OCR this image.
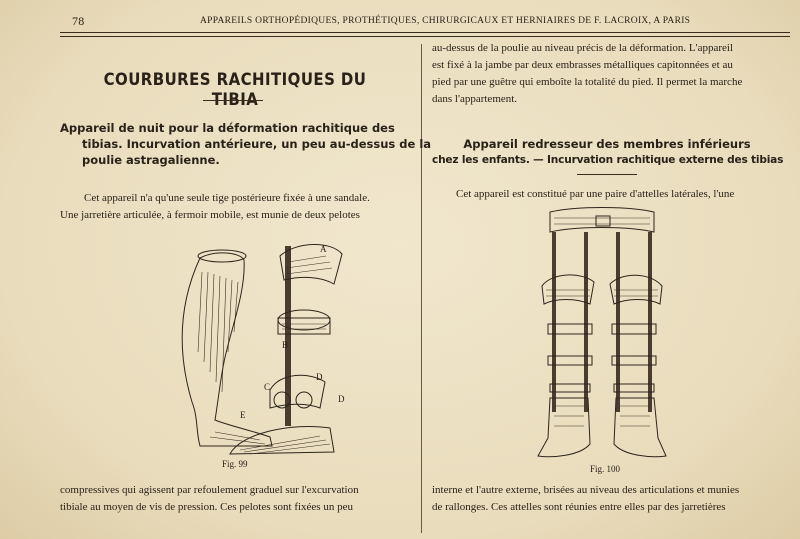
78	APPAREILS ORTHOPÉDIQUES, PROTHÉTIQUES, CHIRURGICAUX ET HERNIAIRES DE F. LACROIX, A PARIS
COURBURES RACHITIQUES DU TIBIA
Appareil de nuit pour la déformation rachitique des
tibias. Incurvation antérieure, un peu au-dessus de la
poulie astragalienne.
Cet appareil n'a qu'une seule tige postérieure fixée à une sandale.
Une jarretière articulée, à fermoir mobile, est munie de deux pelotes
A
B
D
D
E
C
Fig. 99
compressives qui agissent par refoulement graduel sur l'excurvation
tibiale au moyen de vis de pression. Ces pelotes sont fixées un peu
au-dessus de la poulie au niveau précis de la déformation. L'appareil
est fixé à la jambe par deux embrasses métalliques capitonnées et au
pied par une guêtre qui emboîte la totalité du pied. Il permet la marche
dans l'appartement.
Appareil redresseur des membres inférieurs
chez les enfants. — Incurvation rachitique externe des tibias
Cet appareil est constitué par une paire d'attelles latérales, l'une
Fig. 100
interne et l'autre externe, brisées au niveau des articulations et munies
de rallonges. Ces attelles sont réunies entre elles par des jarretières
